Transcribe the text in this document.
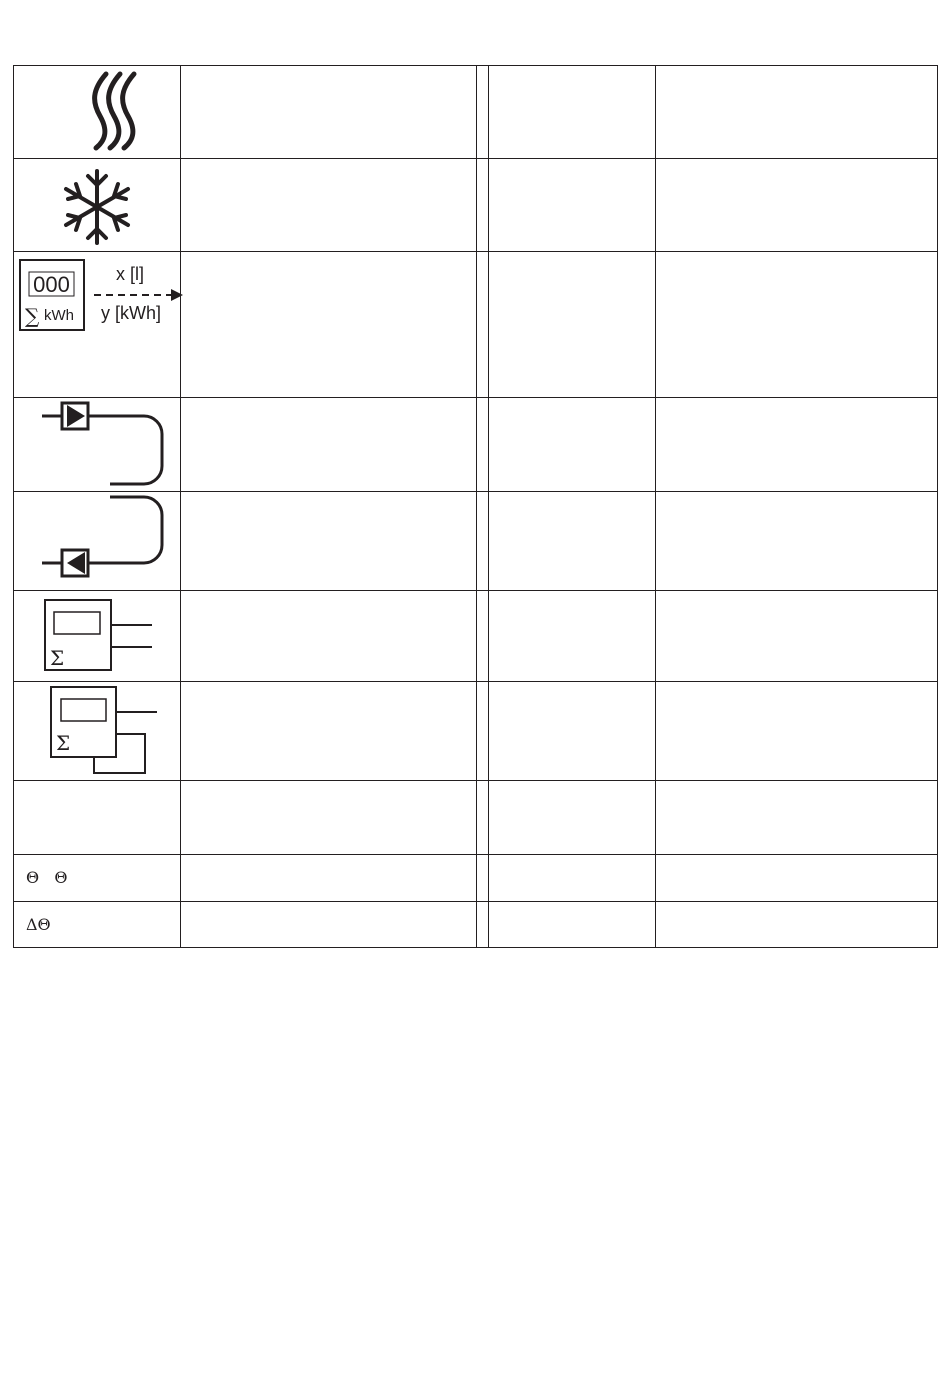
000
∑ kWh
x [l]
y [kWh]				

Σ				

Σ				

Θ   Θ				
ΔΘ				
